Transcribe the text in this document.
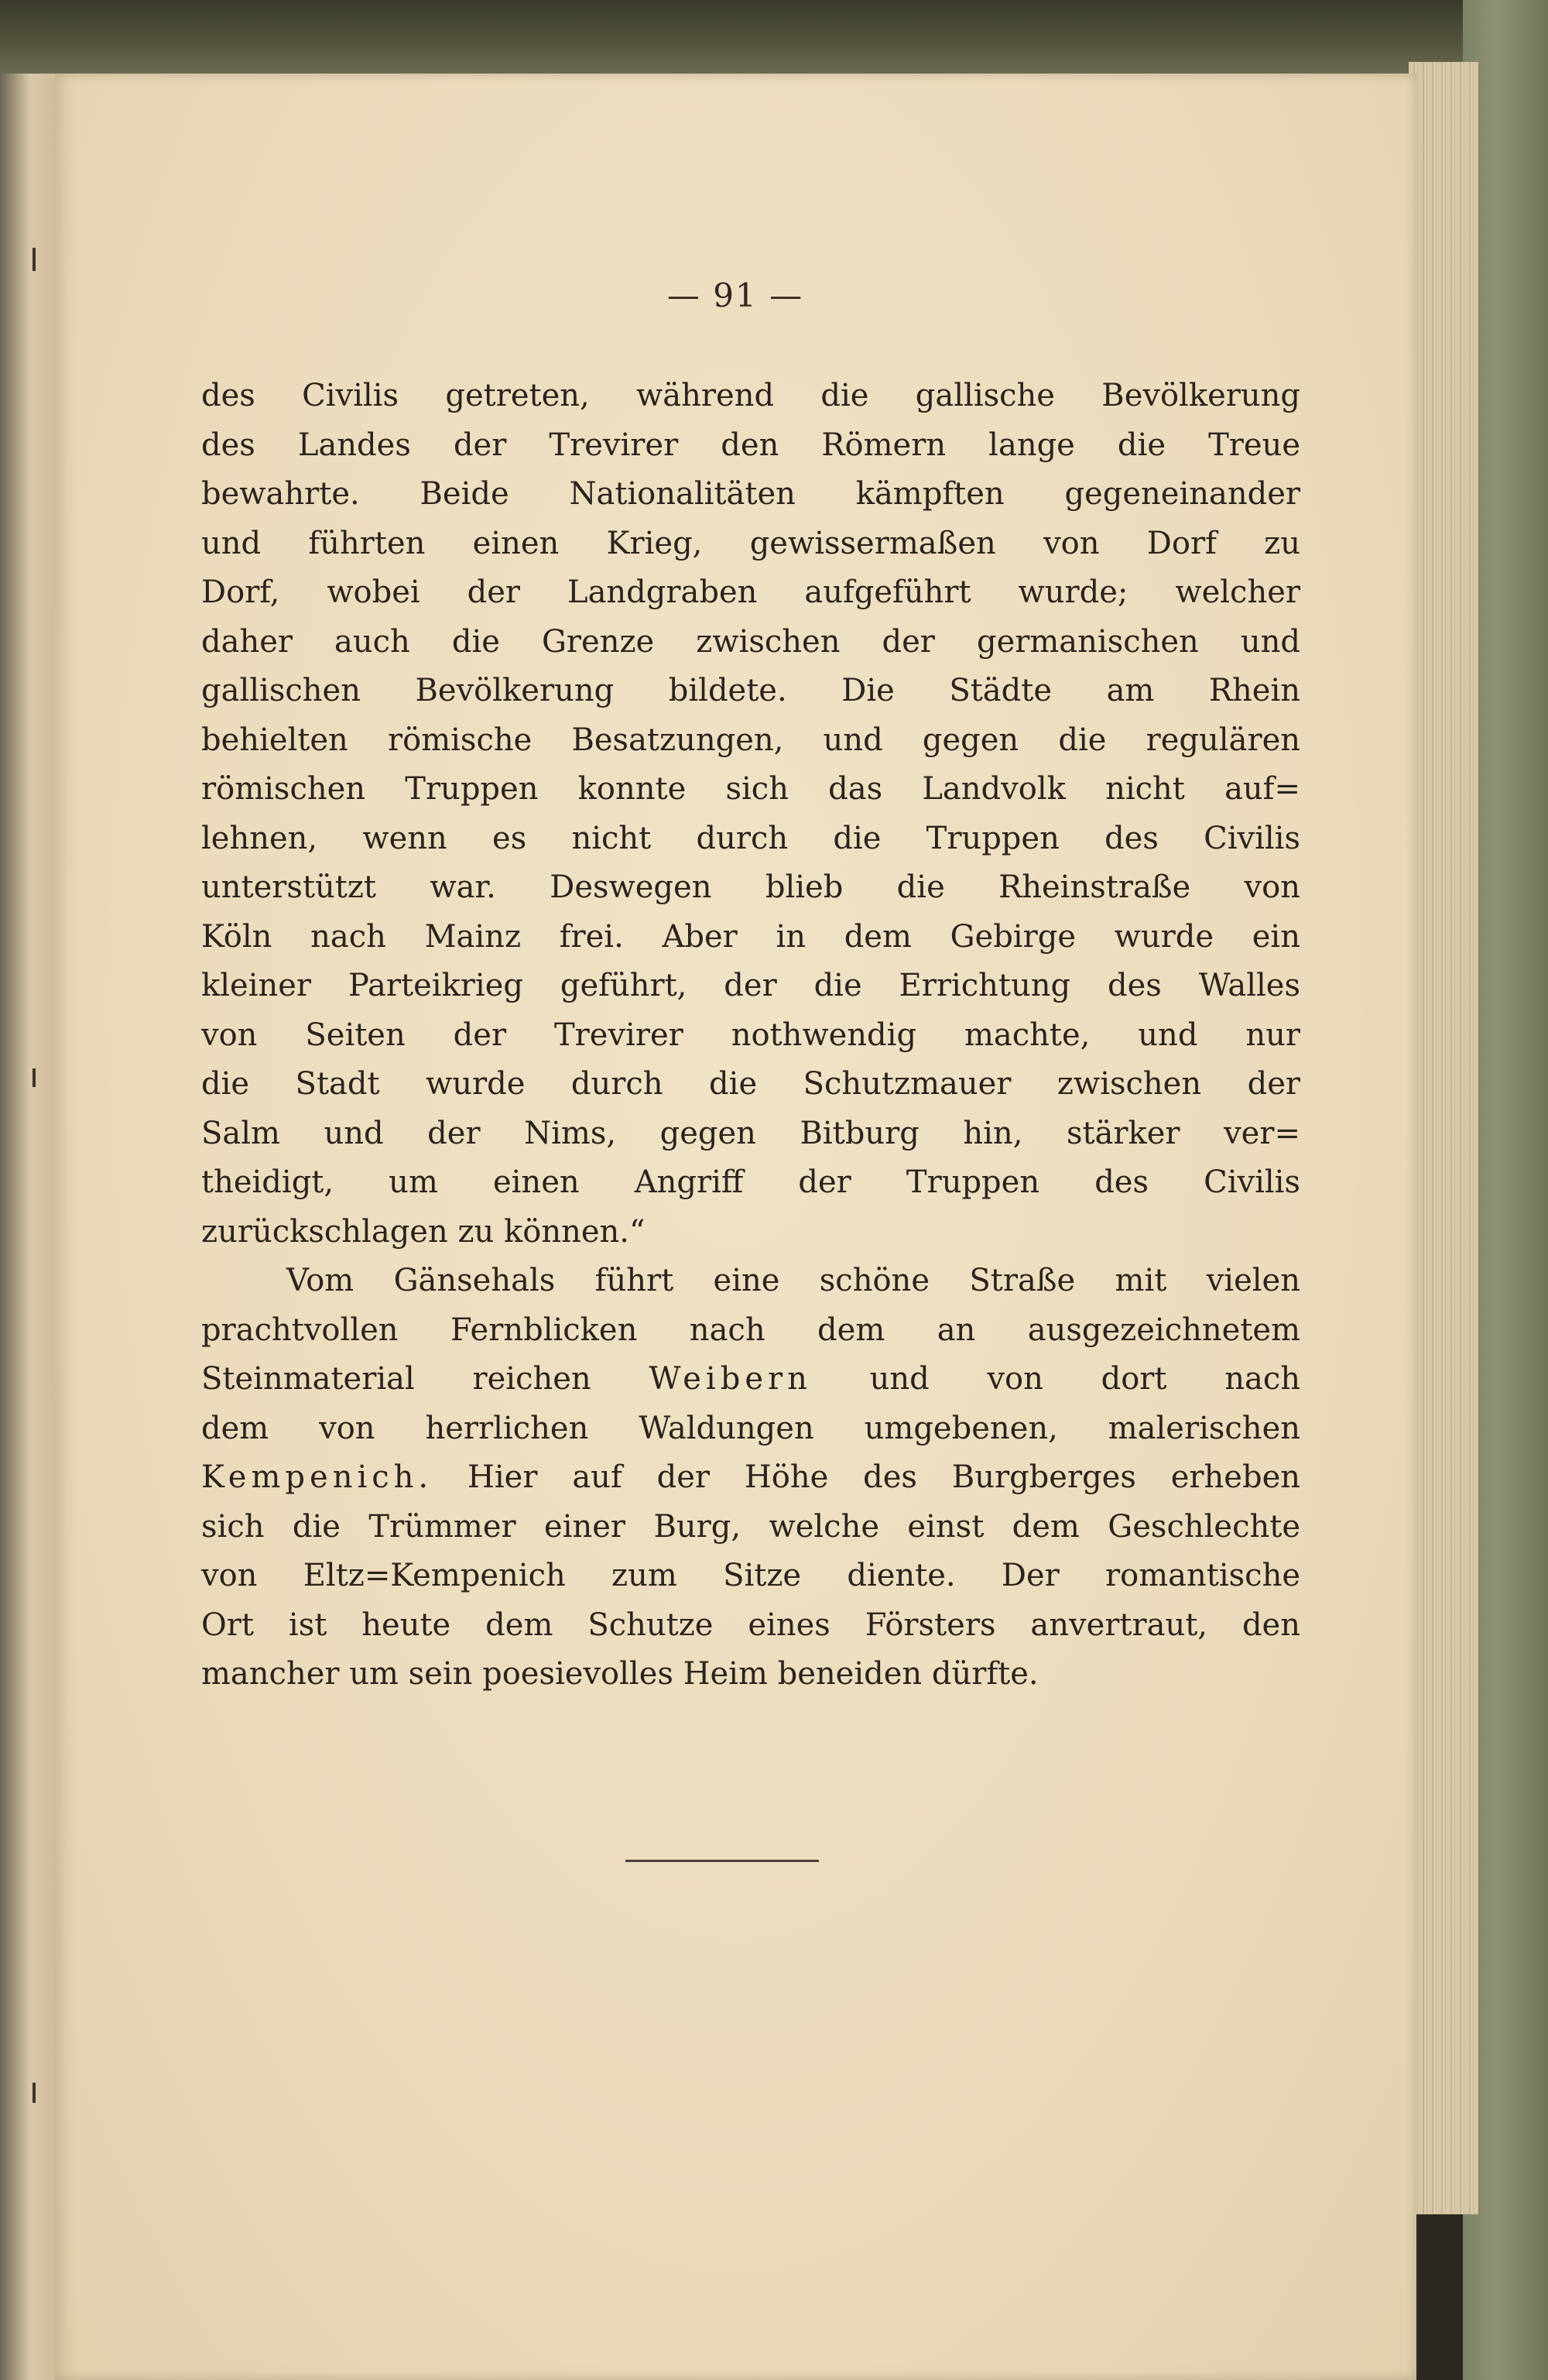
— 91 —
des Civilis getreten, während die gallische Bevölkerung
des Landes der Trevirer den Römern lange die Treue
bewahrte. Beide Nationalitäten kämpften gegeneinander
und führten einen Krieg, gewissermaßen von Dorf zu
Dorf, wobei der Landgraben aufgeführt wurde; welcher
daher auch die Grenze zwischen der germanischen und
gallischen Bevölkerung bildete. Die Städte am Rhein
behielten römische Besatzungen, und gegen die regulären
römischen Truppen konnte sich das Landvolk nicht auf=
lehnen, wenn es nicht durch die Truppen des Civilis
unterstützt war. Deswegen blieb die Rheinstraße von
Köln nach Mainz frei. Aber in dem Gebirge wurde ein
kleiner Parteikrieg geführt, der die Errichtung des Walles
von Seiten der Trevirer nothwendig machte, und nur
die Stadt wurde durch die Schutzmauer zwischen der
Salm und der Nims, gegen Bitburg hin, stärker ver=
theidigt, um einen Angriff der Truppen des Civilis
zurückschlagen zu können.“
Vom Gänsehals führt eine schöne Straße mit vielen
prachtvollen Fernblicken nach dem an ausgezeichnetem
Steinmaterial reichen Weibern und von dort nach
dem von herrlichen Waldungen umgebenen, malerischen
Kempenich. Hier auf der Höhe des Burgberges erheben
sich die Trümmer einer Burg, welche einst dem Geschlechte
von Eltz=Kempenich zum Sitze diente. Der romantische
Ort ist heute dem Schutze eines Försters anvertraut, den
mancher um sein poesievolles Heim beneiden dürfte.
